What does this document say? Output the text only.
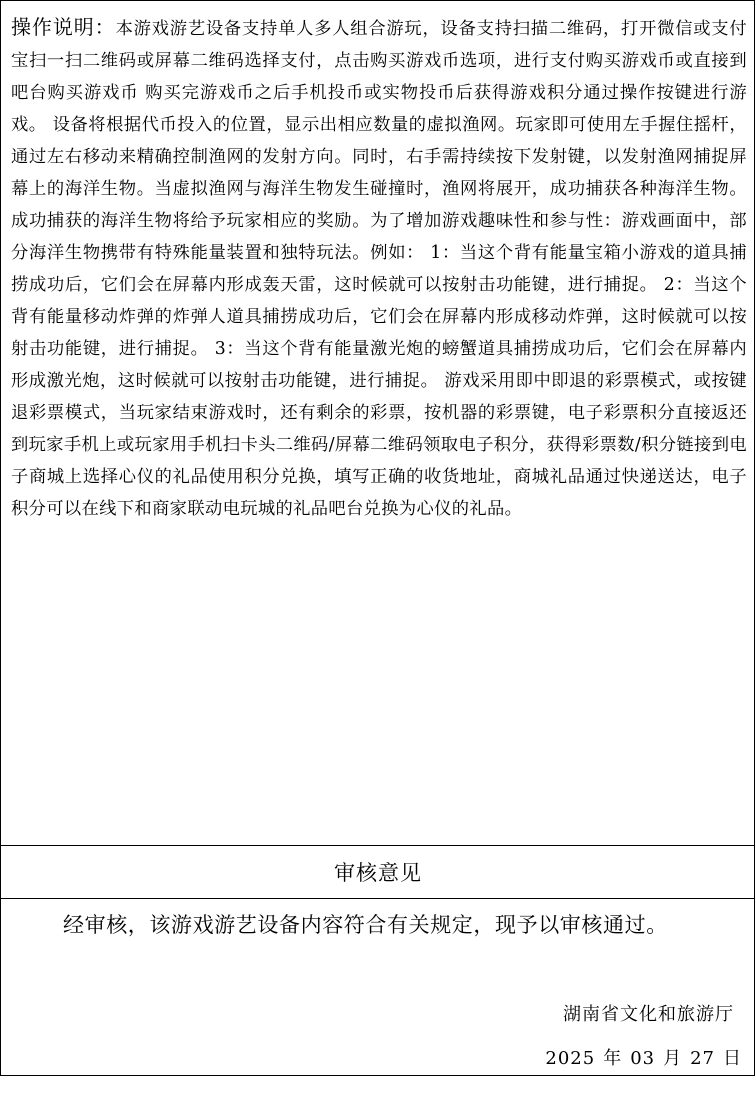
操作说明：本游戏游艺设备支持单人多人组合游玩，设备支持扫描二维码，打开微信或支付宝扫一扫二维码或屏幕二维码选择支付，点击购买游戏币选项，进行支付购买游戏币或直接到吧台购买游戏币 购买完游戏币之后手机投币或实物投币后获得游戏积分通过操作按键进行游戏。 设备将根据代币投入的位置，显示出相应数量的虚拟渔网。玩家即可使用左手握住摇杆，通过左右移动来精确控制渔网的发射方向。同时，右手需持续按下发射键，以发射渔网捕捉屏幕上的海洋生物。当虚拟渔网与海洋生物发生碰撞时，渔网将展开，成功捕获各种海洋生物。成功捕获的海洋生物将给予玩家相应的奖励。为了增加游戏趣味性和参与性：游戏画面中，部分海洋生物携带有特殊能量装置和独特玩法。例如： 1：当这个背有能量宝箱小游戏的道具捕捞成功后，它们会在屏幕内形成轰天雷，这时候就可以按射击功能键，进行捕捉。 2：当这个背有能量移动炸弹的炸弹人道具捕捞成功后，它们会在屏幕内形成移动炸弹，这时候就可以按射击功能键，进行捕捉。 3：当这个背有能量激光炮的螃蟹道具捕捞成功后，它们会在屏幕内形成激光炮，这时候就可以按射击功能键，进行捕捉。 游戏采用即中即退的彩票模式，或按键退彩票模式，当玩家结束游戏时，还有剩余的彩票，按机器的彩票键，电子彩票积分直接返还到玩家手机上或玩家用手机扫卡头二维码/屏幕二维码领取电子积分，获得彩票数/积分链接到电子商城上选择心仪的礼品使用积分兑换，填写正确的收货地址，商城礼品通过快递送达，电子积分可以在线下和商家联动电玩城的礼品吧台兑换为心仪的礼品。

审核意见
经审核，该游戏游艺设备内容符合有关规定，现予以审核通过。
湖南省文化和旅游厅
2025 年 03 月 27 日
